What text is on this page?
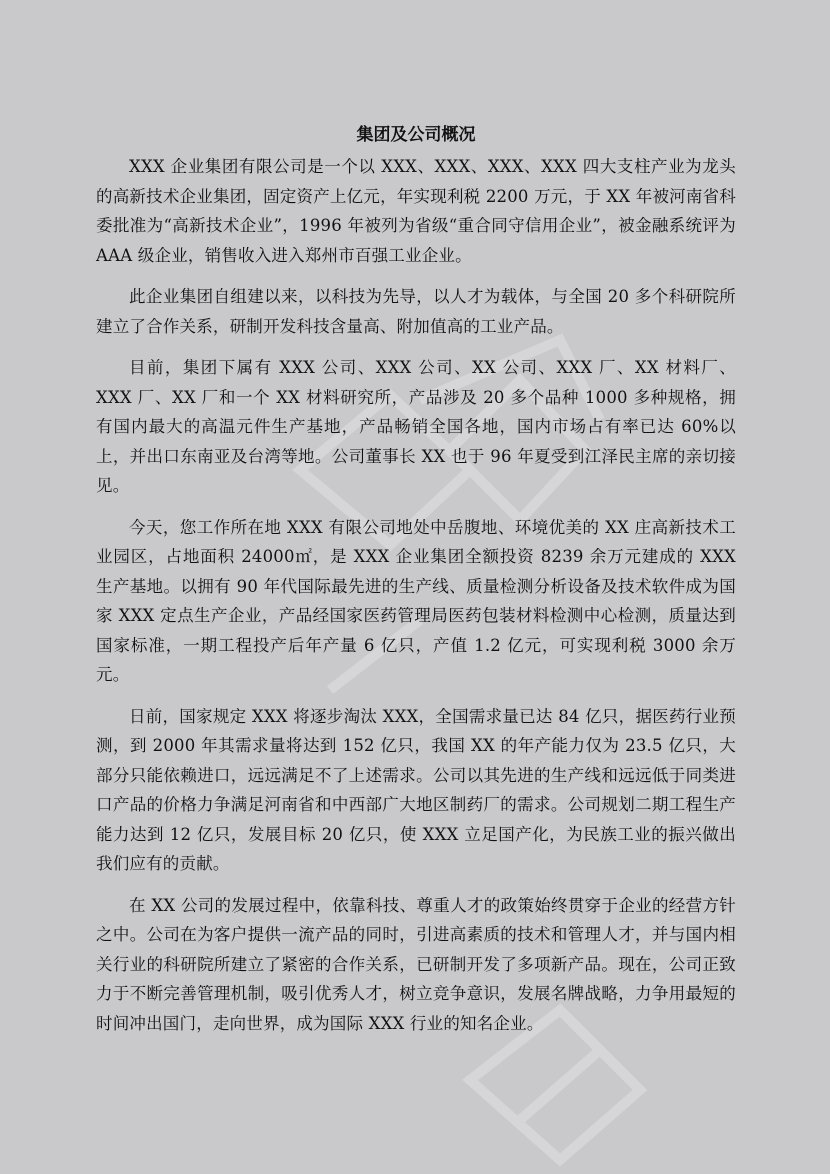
集团及公司概况

XXX 企业集团有限公司是一个以 XXX、XXX、XXX、XXX 四大支柱产业为龙头的高新技术企业集团，固定资产上亿元，年实现利税 2200 万元，于 XX 年被河南省科委批准为“高新技术企业”，1996 年被列为省级“重合同守信用企业”，被金融系统评为 AAA 级企业，销售收入进入郑州市百强工业企业。

此企业集团自组建以来，以科技为先导，以人才为载体，与全国 20 多个科研院所建立了合作关系，研制开发科技含量高、附加值高的工业产品。

目前，集团下属有 XXX 公司、XXX 公司、XX 公司、XXX 厂、XX 材料厂、XXX 厂、XX 厂和一个 XX 材料研究所，产品涉及 20 多个品种 1000 多种规格，拥有国内最大的高温元件生产基地，产品畅销全国各地，国内市场占有率已达 60%以上，并出口东南亚及台湾等地。公司董事长 XX 也于 96 年夏受到江泽民主席的亲切接见。

今天，您工作所在地 XXX 有限公司地处中岳腹地、环境优美的 XX 庄高新技术工业园区，占地面积 24000㎡，是 XXX 企业集团全额投资 8239 余万元建成的 XXX 生产基地。以拥有 90 年代国际最先进的生产线、质量检测分析设备及技术软件成为国家 XXX 定点生产企业，产品经国家医药管理局医药包装材料检测中心检测，质量达到国家标准，一期工程投产后年产量 6 亿只，产值 1.2 亿元，可实现利税 3000 余万元。

日前，国家规定 XXX 将逐步淘汰 XXX，全国需求量已达 84 亿只，据医药行业预测，到 2000 年其需求量将达到 152 亿只，我国 XX 的年产能力仅为 23.5 亿只，大部分只能依赖进口，远远满足不了上述需求。公司以其先进的生产线和远远低于同类进口产品的价格力争满足河南省和中西部广大地区制药厂的需求。公司规划二期工程生产能力达到 12 亿只，发展目标 20 亿只，使 XXX 立足国产化，为民族工业的振兴做出我们应有的贡献。

在 XX 公司的发展过程中，依靠科技、尊重人才的政策始终贯穿于企业的经营方针之中。公司在为客户提供一流产品的同时，引进高素质的技术和管理人才，并与国内相关行业的科研院所建立了紧密的合作关系，已研制开发了多项新产品。现在，公司正致力于不断完善管理机制，吸引优秀人才，树立竞争意识，发展名牌战略，力争用最短的时间冲出国门，走向世界，成为国际 XXX 行业的知名企业。
